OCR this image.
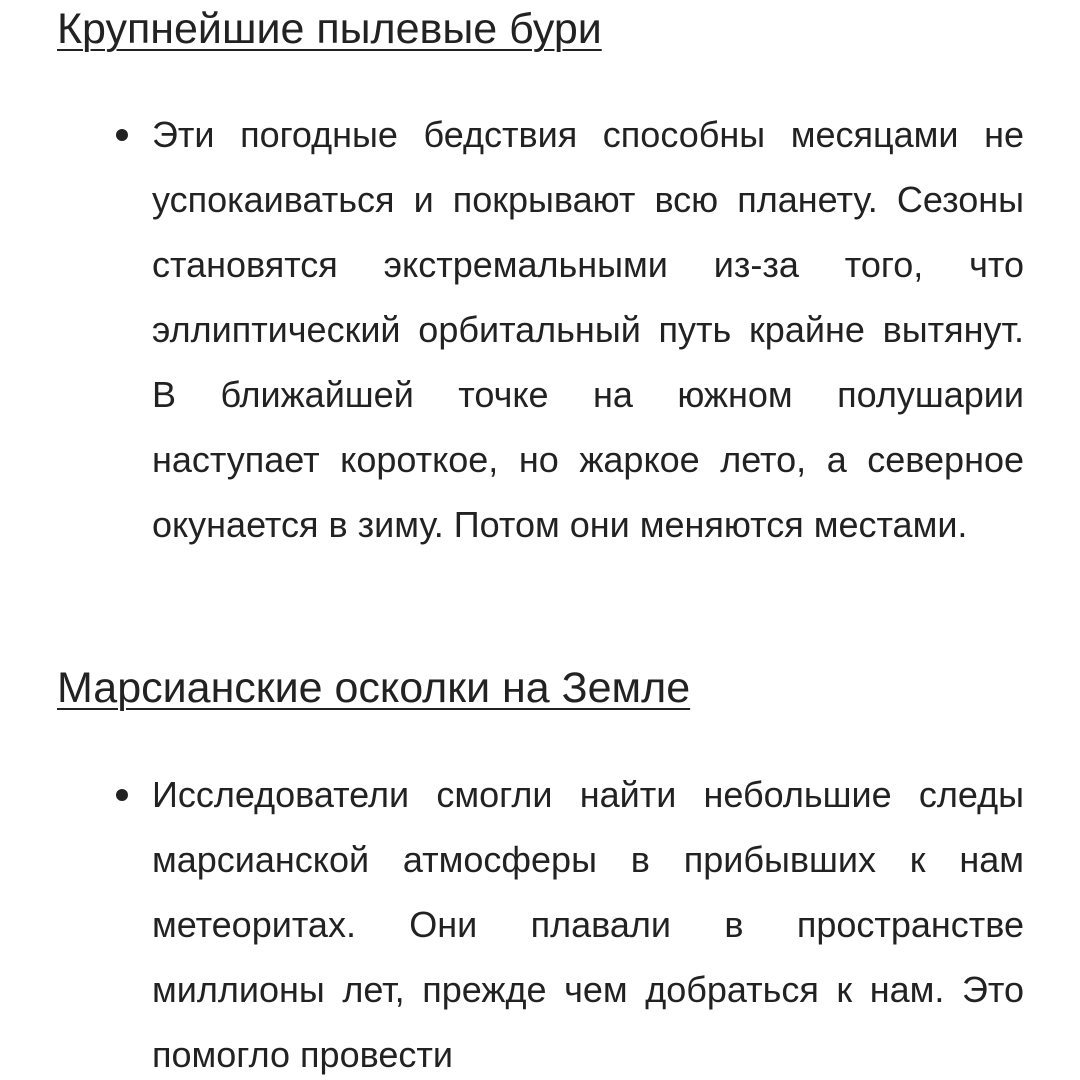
Крупнейшие пылевые бури
Эти погодные бедствия способны месяцами не успокаиваться и покрывают всю планету. Сезоны становятся экстремальными из-за того, что эллиптический орбитальный путь крайне вытянут. В ближайшей точке на южном полушарии наступает короткое, но жаркое лето, а северное окунается в зиму. Потом они меняются местами.
Марсианские осколки на Земле
Исследователи смогли найти небольшие следы марсианской атмосферы в прибывших к нам метеоритах. Они плавали в пространстве миллионы лет, прежде чем добраться к нам. Это помогло провести
